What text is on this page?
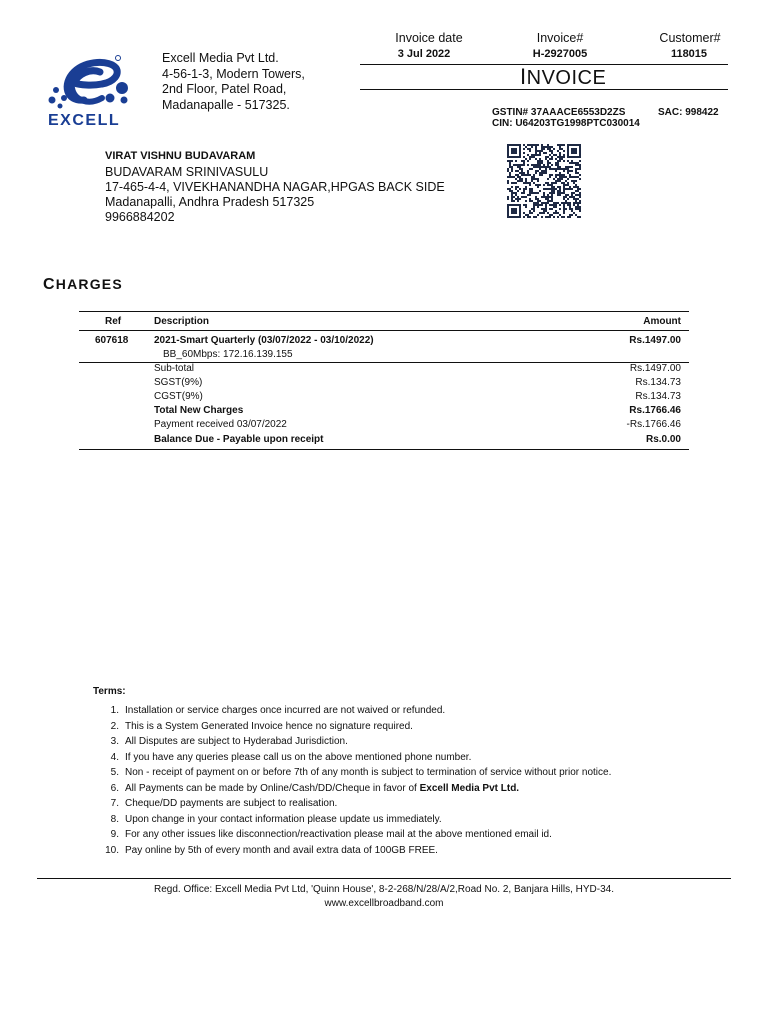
EXCELL
Excell Media Pvt Ltd.
4-56-1-3, Modern Towers,
2nd Floor, Patel Road,
Madanapalle - 517325.
Invoice date
3 Jul 2022
Invoice#
H-2927005
Customer#
118015
INVOICE
GSTIN# 37AAACE6553D2ZS	SAC: 998422
CIN: U64203TG1998PTC030014
VIRAT VISHNU BUDAVARAM
BUDAVARAM SRINIVASULU
17-465-4-4, VIVEKHANANDHA NAGAR,HPGAS BACK SIDE
Madanapalli, Andhra Pradesh 517325
9966884202
CHARGES
Ref	Description	Amount
607618	2021-Smart Quarterly (03/07/2022 - 03/10/2022)	Rs.1497.00
BB_60Mbps: 172.16.139.155
Sub-total	Rs.1497.00
SGST(9%)	Rs.134.73
CGST(9%)	Rs.134.73
Total New Charges	Rs.1766.46
Payment received 03/07/2022	-Rs.1766.46
Balance Due - Payable upon receipt	Rs.0.00
Terms:
1. Installation or service charges once incurred are not waived or refunded.
2. This is a System Generated Invoice hence no signature required.
3. All Disputes are subject to Hyderabad Jurisdiction.
4. If you have any queries please call us on the above mentioned phone number.
5. Non - receipt of payment on or before 7th of any month is subject to termination of service without prior notice.
6. All Payments can be made by Online/Cash/DD/Cheque in favor of Excell Media Pvt Ltd.
7. Cheque/DD payments are subject to realisation.
8. Upon change in your contact information please update us immediately.
9. For any other issues like disconnection/reactivation please mail at the above mentioned email id.
10. Pay online by 5th of every month and avail extra data of 100GB FREE.
Regd. Office: Excell Media Pvt Ltd, 'Quinn House', 8-2-268/N/28/A/2,Road No. 2, Banjara Hills, HYD-34.
www.excellbroadband.com
